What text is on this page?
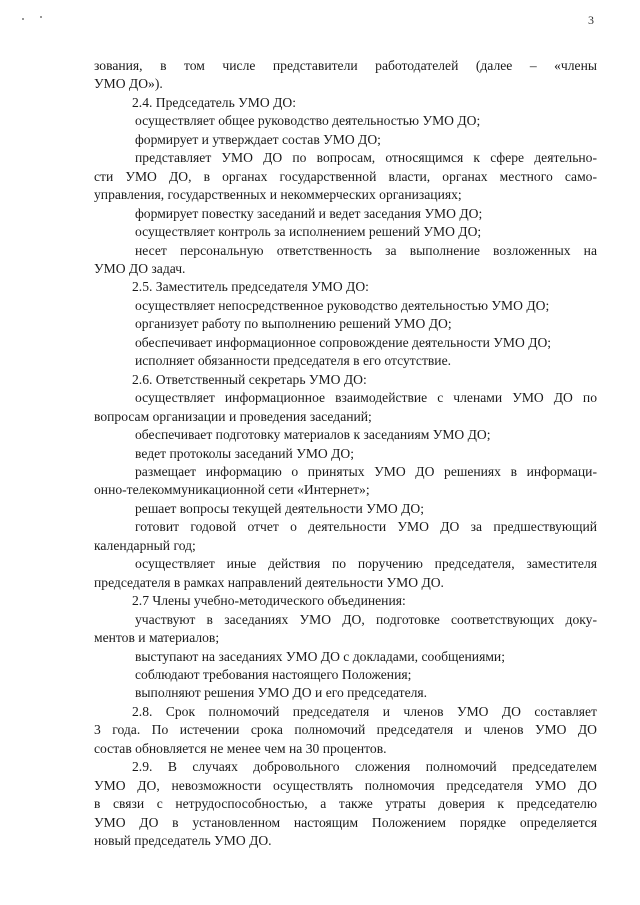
3

зования, в том числе представители работодателей (далее – «члены

УМО ДО»).

2.4. Председатель УМО ДО:

осуществляет общее руководство деятельностью УМО ДО;

формирует и утверждает состав УМО ДО;

представляет УМО ДО по вопросам, относящимся к сфере деятельно-

сти УМО ДО, в органах государственной власти, органах местного само-

управления, государственных и некоммерческих организациях;

формирует повестку заседаний и ведет заседания УМО ДО;

осуществляет контроль за исполнением решений УМО ДО;

несет персональную ответственность за выполнение возложенных на

УМО ДО задач.

2.5. Заместитель председателя УМО ДО:

осуществляет непосредственное руководство деятельностью УМО ДО;

организует работу по выполнению решений УМО ДО;

обеспечивает информационное сопровождение деятельности УМО ДО;

исполняет обязанности председателя в его отсутствие.

2.6. Ответственный секретарь УМО ДО:

осуществляет информационное взаимодействие с членами УМО ДО по

вопросам организации и проведения заседаний;

обеспечивает подготовку материалов к заседаниям УМО ДО;

ведет протоколы заседаний УМО ДО;

размещает информацию о принятых УМО ДО решениях в информаци-

онно-телекоммуникационной сети «Интернет»;

решает вопросы текущей деятельности УМО ДО;

готовит годовой отчет о деятельности УМО ДО за предшествующий

календарный год;

осуществляет иные действия по поручению председателя, заместителя

председателя в рамках направлений деятельности УМО ДО.

2.7 Члены учебно-методического объединения:

участвуют в заседаниях УМО ДО, подготовке соответствующих доку-

ментов и материалов;

выступают на заседаниях УМО ДО с докладами, сообщениями;

соблюдают требования настоящего Положения;

выполняют решения УМО ДО и его председателя.

2.8. Срок полномочий председателя и членов УМО ДО составляет

3 года. По истечении срока полномочий председателя и членов УМО ДО

состав обновляется не менее чем на 30 процентов.

2.9. В случаях добровольного сложения полномочий председателем

УМО ДО, невозможности осуществлять полномочия председателя УМО ДО

в связи с нетрудоспособностью, а также утраты доверия к председателю

УМО ДО в установленном настоящим Положением порядке определяется

новый председатель УМО ДО.
